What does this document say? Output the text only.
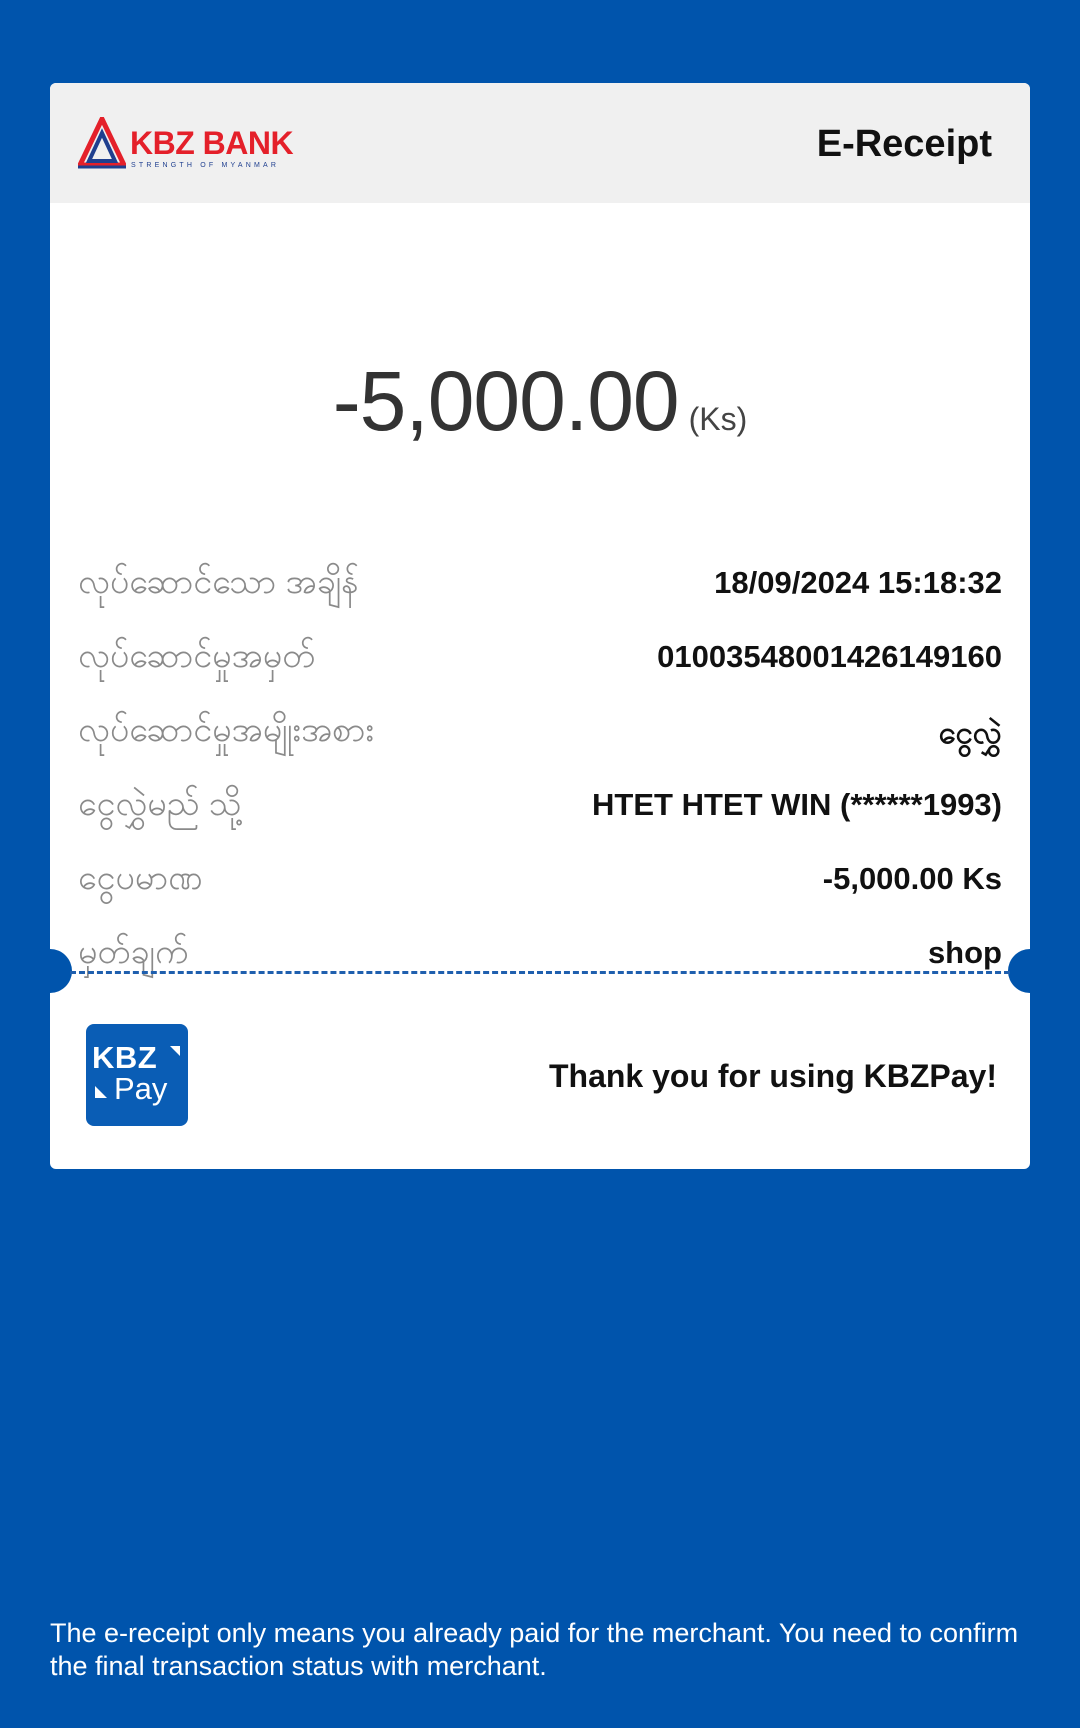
KBZ BANK
STRENGTH OF MYANMAR
E-Receipt
-5,000.00 (Ks)
လုပ်ဆောင်သော အချိန်	18/09/2024 15:18:32
လုပ်ဆောင်မှုအမှတ်	01003548001426149160
လုပ်ဆောင်မှုအမျိုးအစား	ငွေလွှဲ
ငွေလွှဲမည် သို့	HTET HTET WIN (******1993)
ငွေပမာဏ	-5,000.00 Ks
မှတ်ချက်	shop
KBZ
Pay	Thank you for using KBZPay!
The e-receipt only means you already paid for the merchant. You need to confirm the final transaction status with merchant.
